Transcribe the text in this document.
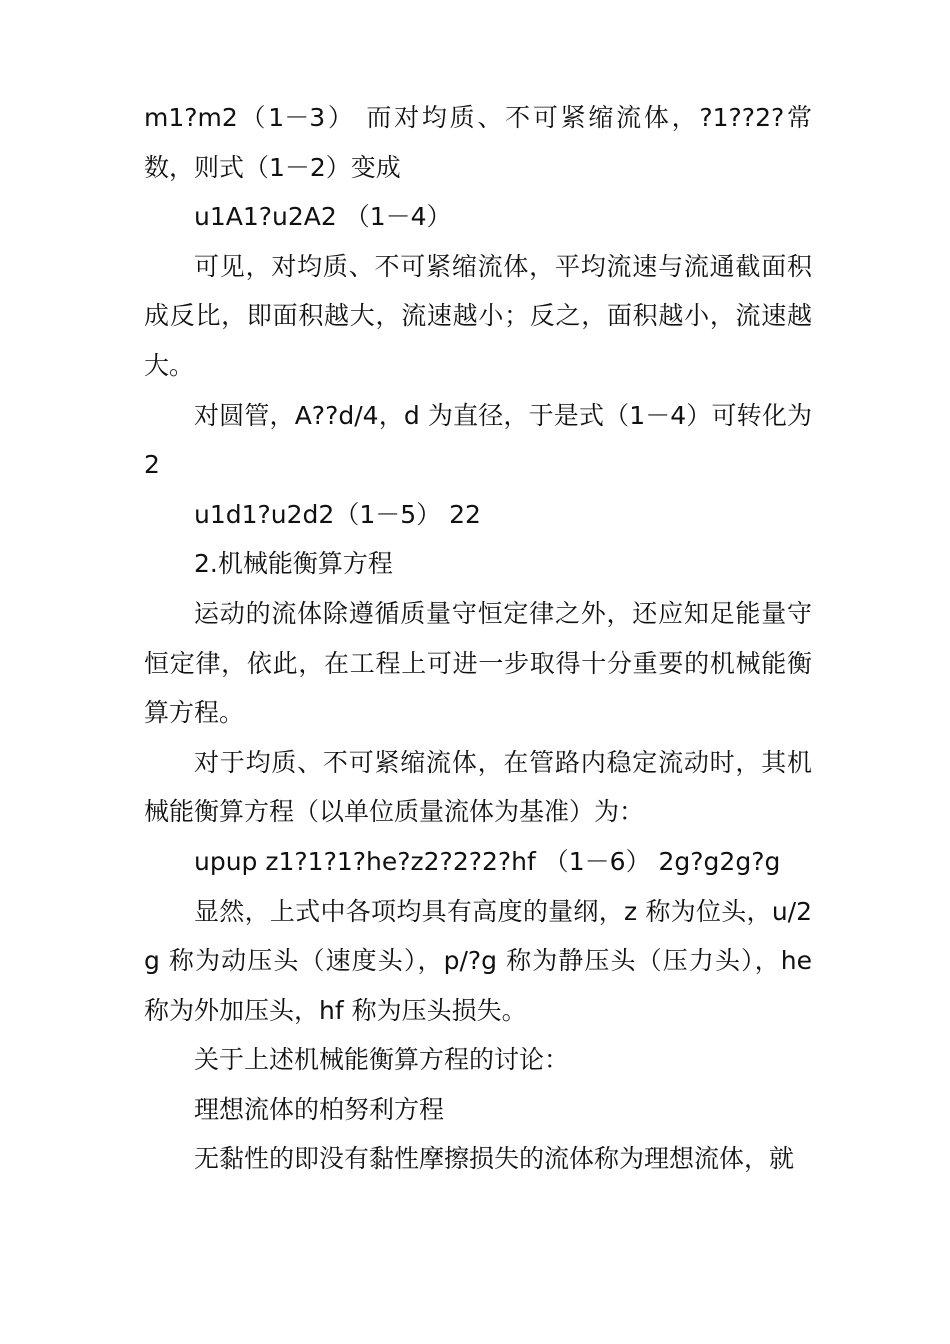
m1?m2（1－3） 而对均质、不可紧缩流体，?1??2?常数，则式（1－2）变成

u1A1?u2A2 （1－4）

可见，对均质、不可紧缩流体，平均流速与流通截面积成反比，即面积越大，流速越小；反之，面积越小，流速越大。

对圆管，A??d/4，d 为直径，于是式（1－4）可转化为 2

u1d1?u2d2（1－5） 22

2.机械能衡算方程

运动的流体除遵循质量守恒定律之外，还应知足能量守恒定律，依此，在工程上可进一步取得十分重要的机械能衡算方程。

对于均质、不可紧缩流体，在管路内稳定流动时，其机械能衡算方程（以单位质量流体为基准）为：

upup z1?1?1?he?z2?2?2?hf （1－6） 2g?g2g?g

显然，上式中各项均具有高度的量纲，z 称为位头，u/2g 称为动压头（速度头），p/?g 称为静压头（压力头），he 称为外加压头，hf 称为压头损失。

关于上述机械能衡算方程的讨论：

理想流体的柏努利方程

无黏性的即没有黏性摩擦损失的流体称为理想流体，就
